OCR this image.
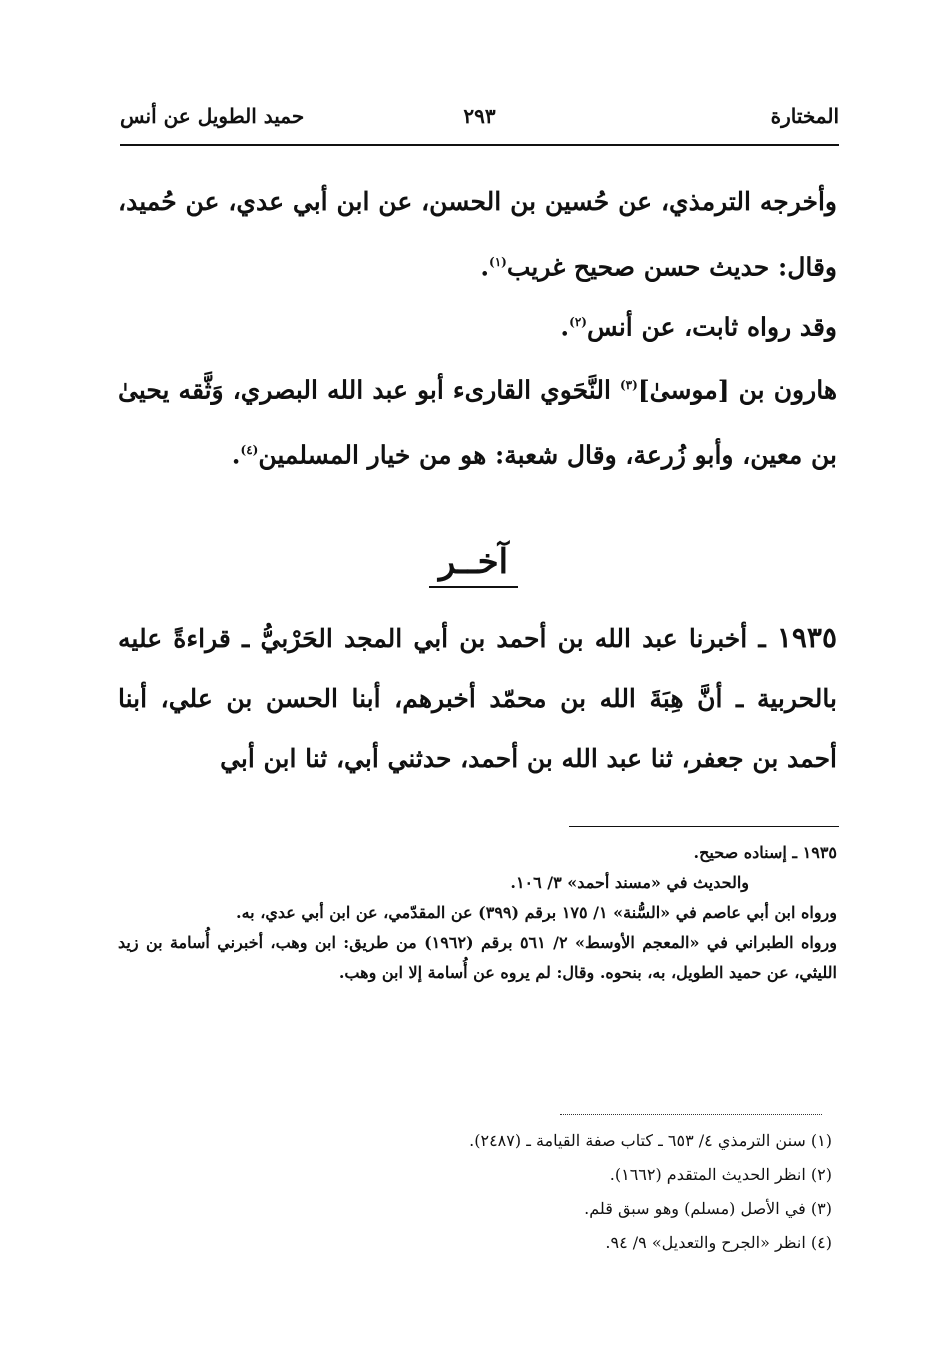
المختارة
٢٩٣
حميد الطويل عن أنس
وأخرجه الترمذي، عن حُسين بن الحسن، عن ابن أبي عدي، عن حُميد، وقال: حديث حسن صحيح غريب$^{(١)}$.
وقد رواه ثابت، عن أنس$^{(٢)}$.
هارون بن [موسىٰ]$^{(٣)}$ النَّحَوي القارىء أبو عبد الله البصري، وَثَّقه يحيىٰ بن معين، وأبو زُرعة، وقال شعبة: هو من خيار المسلمين$^{(٤)}$.
آخــر
١٩٣٥ ـ أخبرنا عبد الله بن أحمد بن أبي المجد الحَرْبيُّ ـ قراءةً عليه بالحربية ـ أنَّ هِبَةَ الله بن محمّد أخبرهم، أبنا الحسن بن علي، أبنا أحمد بن جعفر، ثنا عبد الله بن أحمد، حدثني أبي، ثنا ابن أبي

١٩٣٥ ـ إسناده صحيح.

والحديث في «مسند أحمد» ٣/ ١٠٦.

ورواه ابن أبي عاصم في «السُّنة» ١/ ١٧٥ برقم (٣٩٩) عن المقدّمي، عن ابن أبي عدي، به.

ورواه الطبراني في «المعجم الأوسط» ٢/ ٥٦١ برقم (١٩٦٢) من طريق: ابن وهب، أخبرني أُسامة بن زيد الليثي، عن حميد الطويل، به، بنحوه. وقال: لم يروه عن أُسامة إلا ابن وهب.

(١) سنن الترمذي ٤/ ٦٥٣ ـ كتاب صفة القيامة ـ (٢٤٨٧).

(٢) انظر الحديث المتقدم (١٦٦٢).

(٣) في الأصل (مسلم) وهو سبق قلم.

(٤) انظر «الجرح والتعديل» ٩/ ٩٤.
